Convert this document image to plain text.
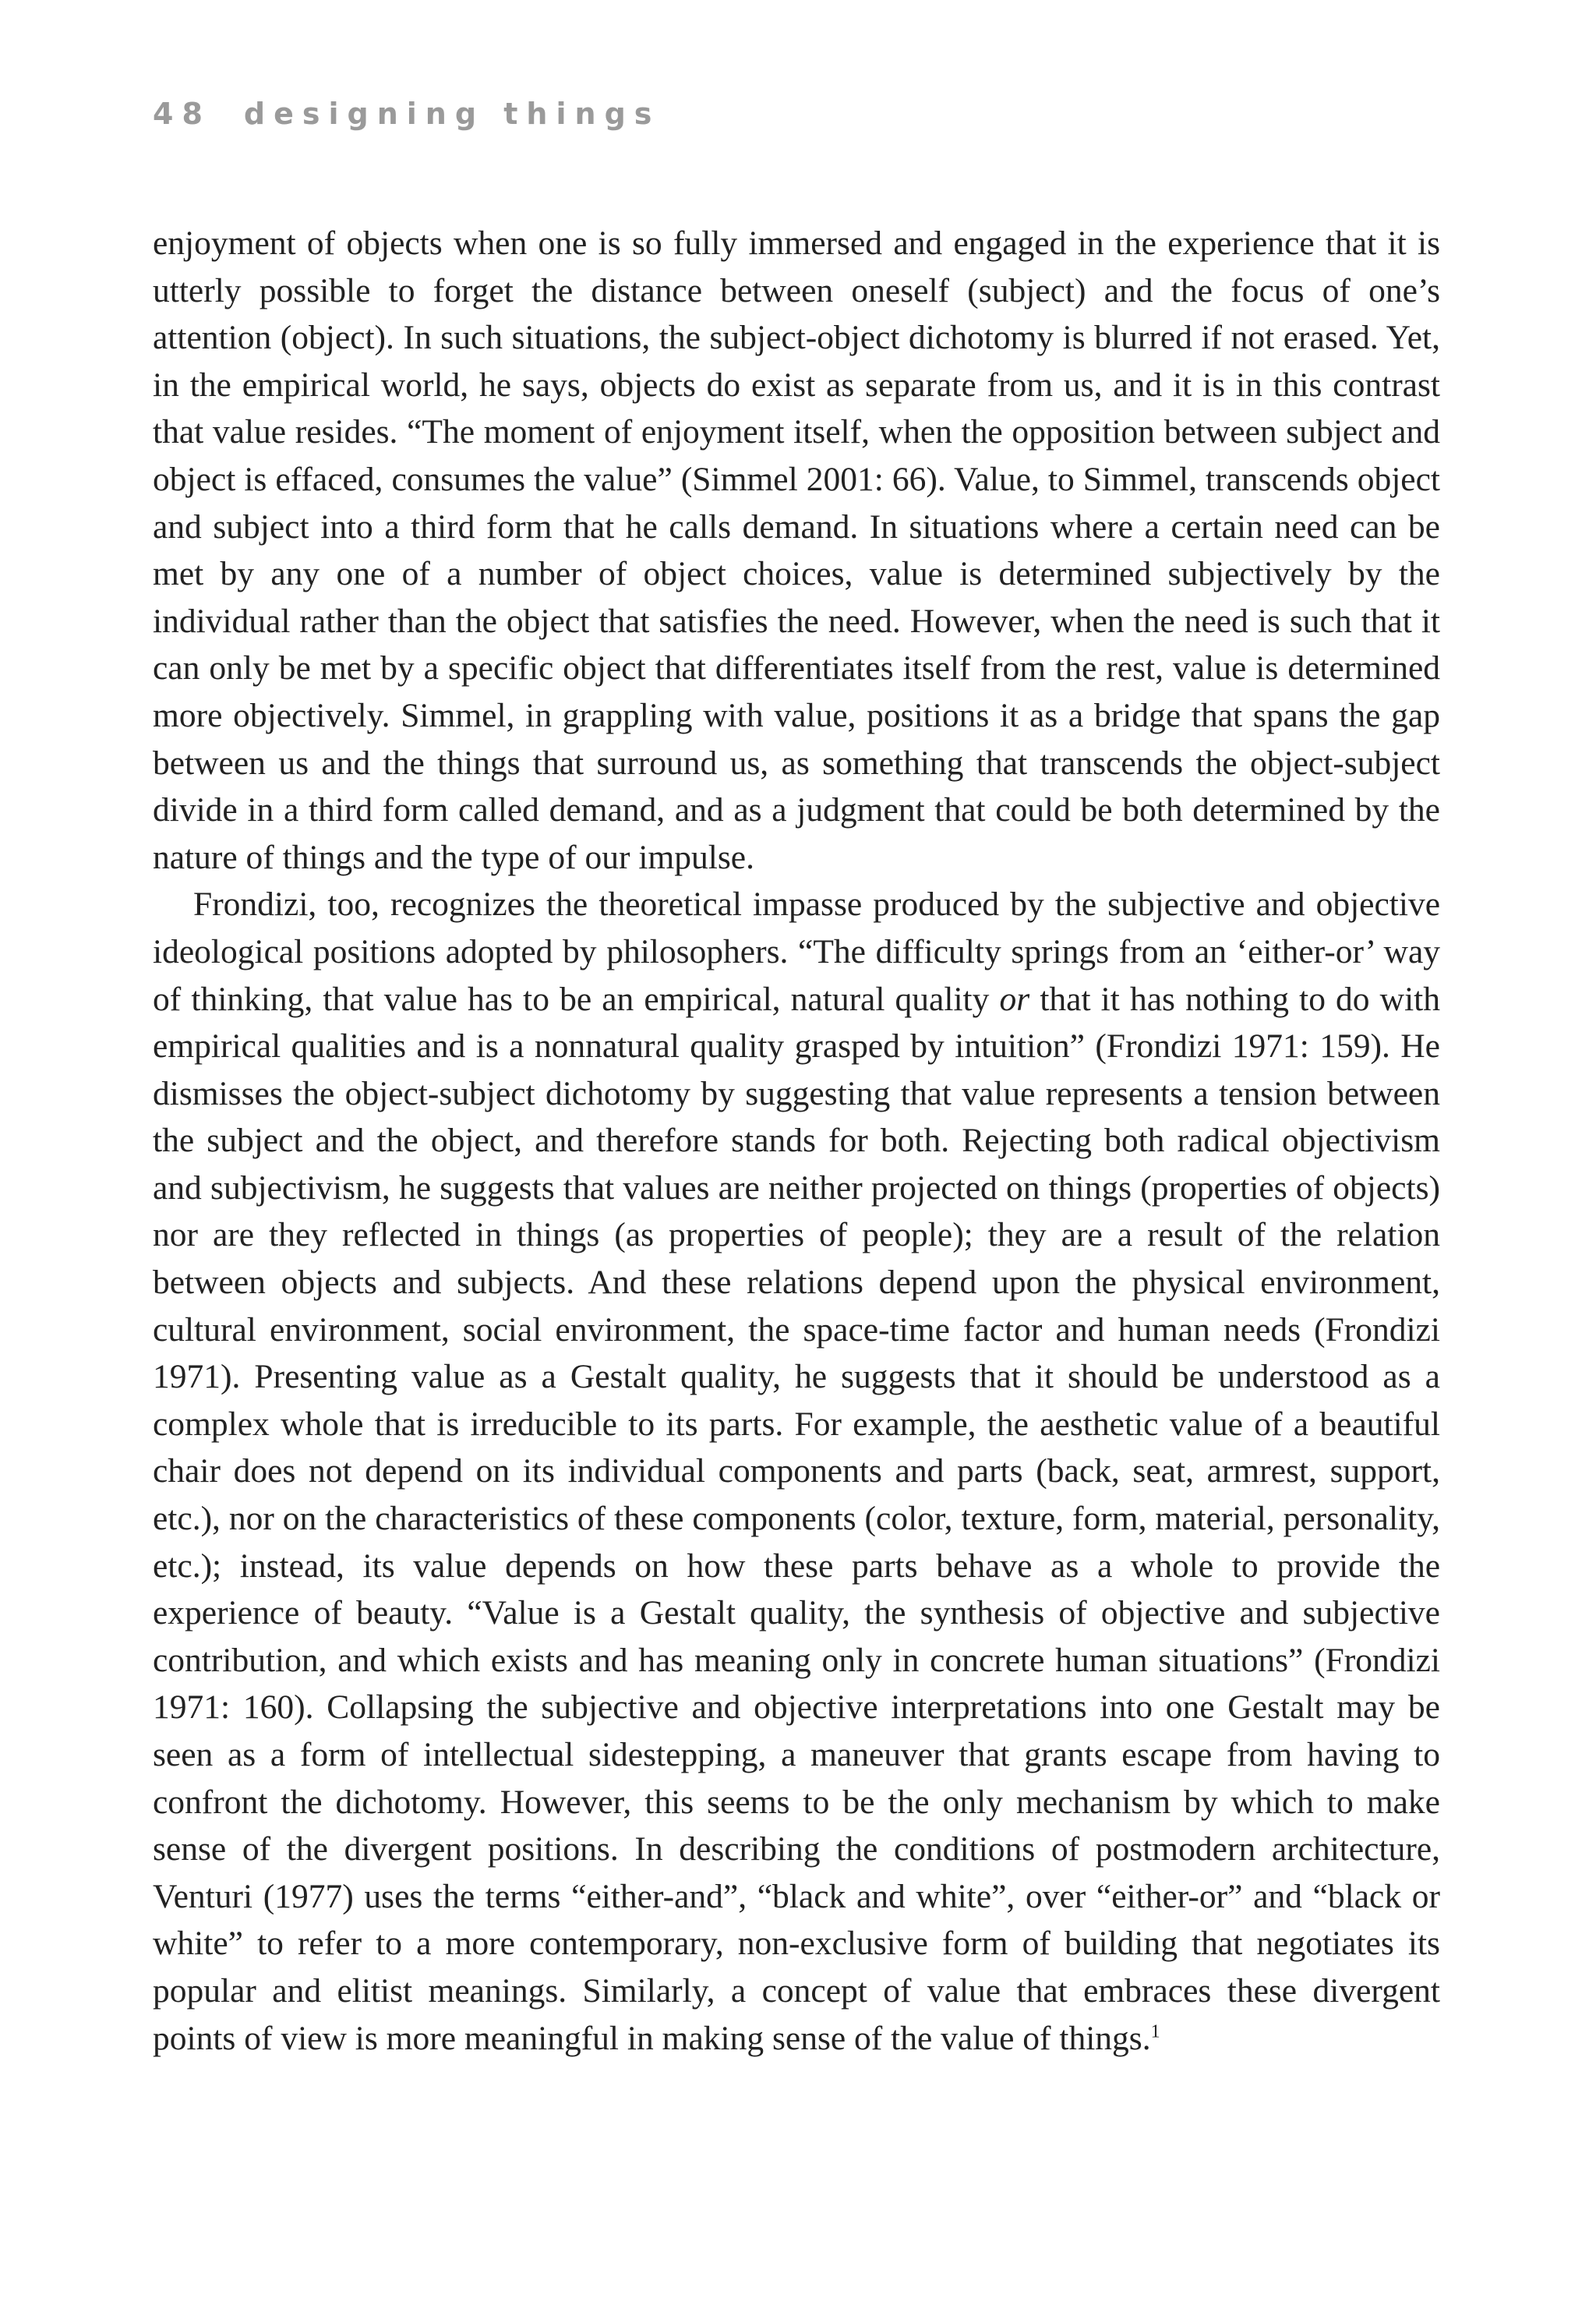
48 designing things

enjoyment of objects when one is so fully immersed and engaged in the experience that it is utterly possible to forget the distance between oneself (subject) and the focus of one’s attention (object). In such situations, the subject-object dichotomy is blurred if not erased. Yet, in the empirical world, he says, objects do exist as separate from us, and it is in this contrast that value resides. “The moment of enjoyment itself, when the opposition between subject and object is effaced, consumes the value” (Simmel 2001: 66). Value, to Simmel, transcends object and subject into a third form that he calls demand. In situations where a certain need can be met by any one of a number of object choices, value is determined subjectively by the individual rather than the object that satisfies the need. However, when the need is such that it can only be met by a specific object that differentiates itself from the rest, value is determined more objectively. Simmel, in grappling with value, positions it as a bridge that spans the gap between us and the things that surround us, as something that transcends the object-subject divide in a third form called demand, and as a judgment that could be both determined by the nature of things and the type of our impulse.

Frondizi, too, recognizes the theoretical impasse produced by the subjective and objective ideological positions adopted by philosophers. “The difficulty springs from an ‘either-or’ way of thinking, that value has to be an empirical, natural quality or that it has nothing to do with empirical qualities and is a nonnatural quality grasped by intuition” (Frondizi 1971: 159). He dismisses the object-subject dichotomy by suggesting that value represents a tension between the subject and the object, and therefore stands for both. Rejecting both radical objectivism and subjectivism, he suggests that values are neither projected on things (properties of objects) nor are they reflected in things (as properties of people); they are a result of the relation between objects and subjects. And these relations depend upon the physical environment, cultural environment, social environment, the space-time factor and human needs (Frondizi 1971). Presenting value as a Gestalt quality, he suggests that it should be understood as a complex whole that is irreducible to its parts. For example, the aesthetic value of a beautiful chair does not depend on its individual components and parts (back, seat, armrest, support, etc.), nor on the characteristics of these components (color, texture, form, material, personality, etc.); instead, its value depends on how these parts behave as a whole to provide the experience of beauty. “Value is a Gestalt quality, the synthesis of objective and subjective contribution, and which exists and has meaning only in concrete human situations” (Frondizi 1971: 160). Collapsing the subjective and objective interpretations into one Gestalt may be seen as a form of intellectual sidestepping, a maneuver that grants escape from having to confront the dichotomy. However, this seems to be the only mechanism by which to make sense of the divergent positions. In describing the conditions of postmodern architecture, Venturi (1977) uses the terms “either-and”, “black and white”, over “either-or” and “black or white” to refer to a more contemporary, non-exclusive form of building that negotiates its popular and elitist meanings. Similarly, a concept of value that embraces these divergent points of view is more meaningful in making sense of the value of things.$^1$
